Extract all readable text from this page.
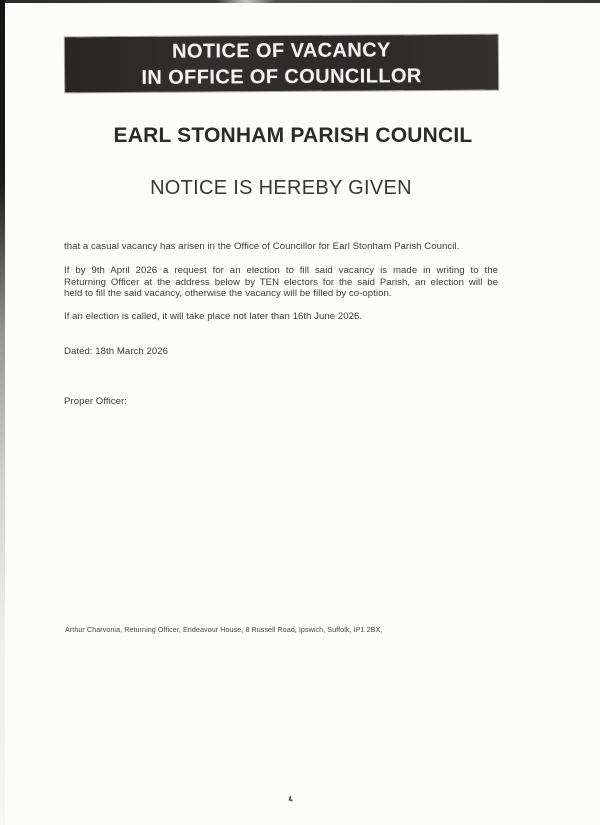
NOTICE OF VACANCY
IN OFFICE OF COUNCILLOR
EARL STONHAM PARISH COUNCIL
NOTICE IS HEREBY GIVEN
that a casual vacancy has arisen in the Office of Councillor for Earl Stonham Parish Council.
If by 9th April 2026 a request for an election to fill said vacancy is made in writing to the
Returning Officer at the address below by TEN electors for the said Parish, an election will be
held to fill the said vacancy, otherwise the vacancy will be filled by co-option.
If an election is called, it will take place not later than 16th June 2026.
Dated: 18th March 2026
Proper Officer:
Arthur Charvonia, Returning Officer, Endeavour House, 8 Russell Road, Ipswich, Suffolk, IP1 2BX,
